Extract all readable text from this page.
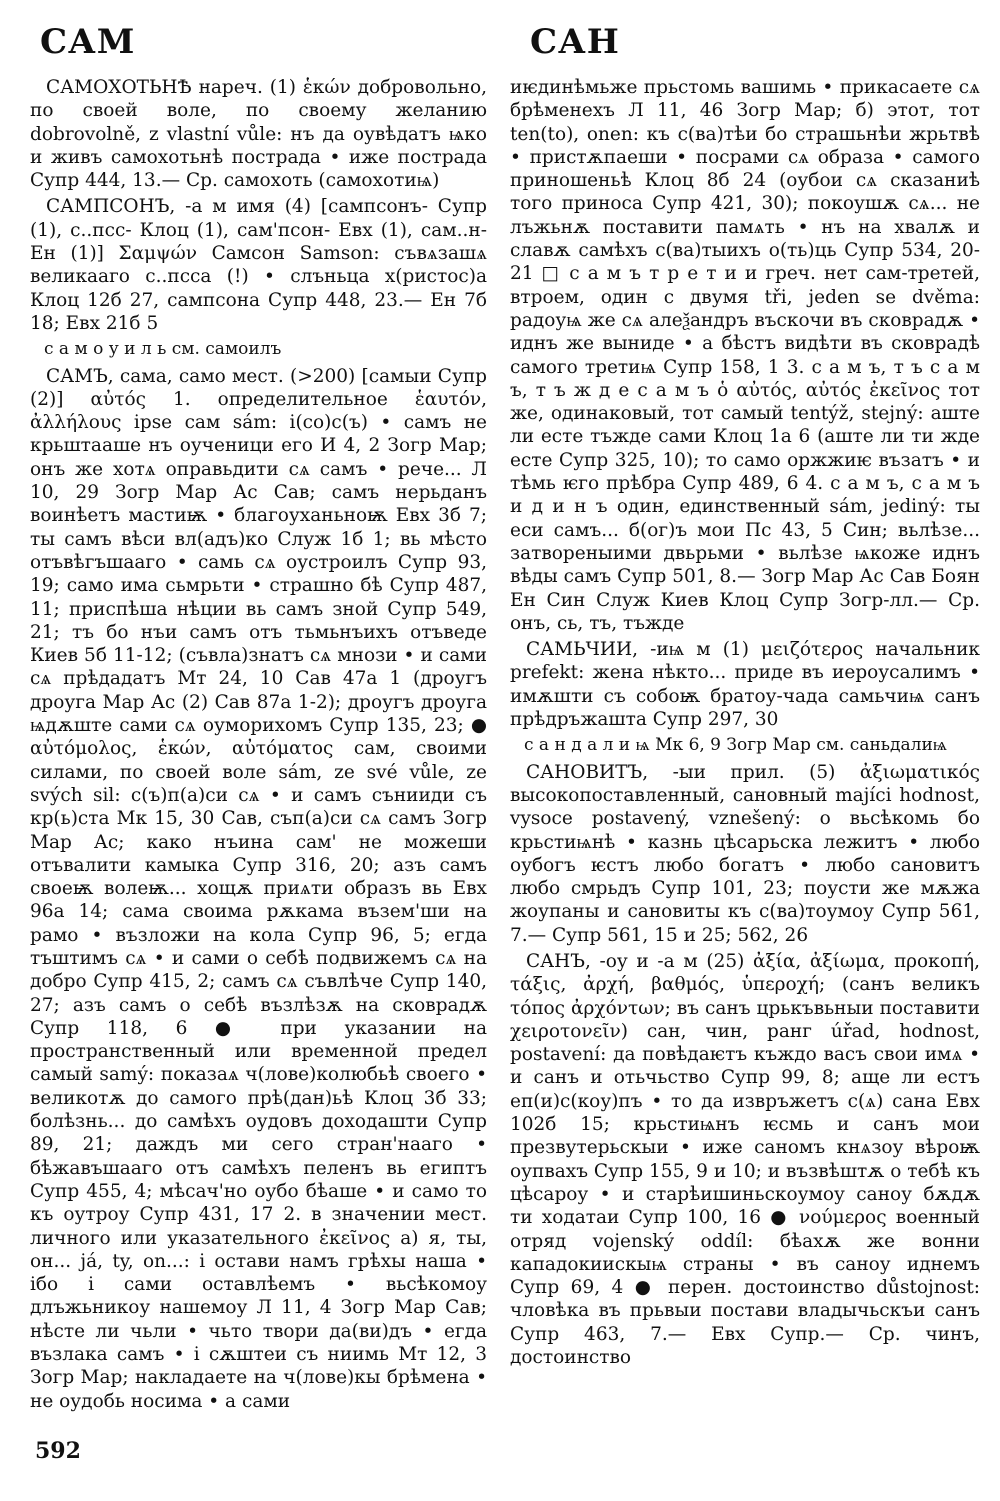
САМ	САН

САМОХОТЬНѢ нареч. (1) ἑκών добровольно, по своей воле, по своему желанию dobrovolně, z vlastní vůle: нъ да оувѣдатъ ѩко и живъ самохотьнѣ пострада • иже пострада Супр 444, 13.— Ср. самохоть (самохотиѩ)

САМПСОНЪ, -а м имя (4) [сампсонъ- Супр (1), с..псс- Клоц (1), сам'псон- Евх (1), сам..н- Ен (1)] Σαμψών Самсон Samson: съвѧзашѧ великааго с..псса (!) • слъньца х(ристос)а Клоц 12б 27, сампсона Супр 448, 23.— Ен 7б 18; Евх 21б 5

с а м о у и л ь см. самоилъ

САМЪ, сама, само мест. (>200) [самыи Супр (2)] αὐτός 1. определительное ἑαυτόν, ἀλλήλους ipse сам sám: і(со)с(ъ) • самъ не крьштааше нъ оученици его И 4, 2 Зогр Мар; онъ же хотѧ оправьдити сѧ самъ • рече... Л 10, 29 Зогр Мар Ас Сав; самъ нерьданъ воинѣетъ мастиѭ • благоуханьноѭ Евх 3б 7; ты самъ вѣси вл(адъ)ко Служ 1б 1; вь мѣсто отъвѣгъшааго • самь сѧ оустроилъ Супр 93, 19; само има сьмрьти • страшно бѣ Супр 487, 11; приспѣша нѣции вь самъ зной Супр 549, 21; тъ бо нъи самъ отъ тьмьнъихъ отъведе Киев 5б 11-12; (съвла)знатъ сѧ мнози • и сами сѧ прѣдадатъ Мт 24, 10 Сав 47а 1 (дроугъ дроуга Мар Ас (2) Сав 87а 1-2); дроугъ дроуга ѩдѫште сами сѧ оуморихомъ Супр 135, 23; ● αὐτόμολος, ἑκών, αὐτόματος сам, своими силами, по своей воле sám, ze své vůle, ze svých sil: с(ъ)п(а)си сѧ • и самъ сънииди съ кр(ь)ста Мк 15, 30 Сав, съп(а)си сѧ самъ Зогр Мар Ас; како нъина сам' не можеши отъвалити камыка Супр 316, 20; азъ самъ своеѭ волеѭ... хощѫ приѧти образъ вь Евх 96а 14; сама своима рѫкама възем'ши на рамо • възложи на кола Супр 96, 5; егда тъштимъ сѧ • и сами о себѣ подвижемъ сѧ на добро Супр 415, 2; самъ сѧ съвлѣче Супр 140, 27; азъ самъ о себѣ възлѣзѫ на сковрадѫ Супр 118, 6 ● при указании на пространственный или временной предел самый samý: показаѧ ч(лове)колюбьѣ своего • великотѫ до самого прѣ(дан)ьѣ Клоц 3б 33; болѣзнь... до самѣхъ оудовъ доходашти Супр 89, 21; даждъ ми сего стран'нааго • бѣжавъшааго отъ самѣхъ пеленъ вь египтъ Супр 455, 4; мѣсач'но оубо бѣаше • и само то къ оутроу Супр 431, 17 2. в значении мест. личного или указательного ἐκεῖνος а) я, ты, он... já, ty, on...: і остави намъ грѣхы наша • ібо і сами оставлѣемъ • вьсѣкомоу длъжьникоу нашемоу Л 11, 4 Зогр Мар Сав; нѣсте ли чьли • чьто твори да(ви)дъ • егда възлака самъ • і сѫштеи съ ниимь Мт 12, 3 Зогр Мар; накладаете на ч(лове)кы брѣмена • не оудобь носима • а сами

иѥдинѣмьже прьстомь вашимь • прикасаете сѧ брѣменехъ Л 11, 46 Зогр Мар; б) этот, тот ten(to), onen: къ с(ва)тѣи бо страшьнѣи жрьтвѣ • пристѫпаеши • посрами сѧ образа • самого приношеньѣ Клоц 8б 24 (оубои сѧ сказаниѣ того приноса Супр 421, 30); покоушѫ сѧ... не лъжьнѫ поставити памѧть • нъ на хвалѫ и славѫ самѣхъ с(ва)тыихъ о(ть)ць Супр 534, 20-21 □ с а м ъ т р е т и и греч. нет сам-третей, втроем, один с двумя tři, jeden se dvěma: радоуѩ же сѧ алеѯандръ въскочи въ сковрадѫ • иднъ же выниде • а бѣстъ видѣти въ сковрадѣ самого третиѩ Супр 158, 1 3. с а м ъ, т ъ с а м ъ, т ъ ж д е с а м ъ ὁ αὐτός, αὐτός ἐκεῖνος тот же, одинаковый, тот самый tentýž, stejný: аште ли есте тъжде сами Клоц 1а 6 (аште ли ти жде есте Супр 325, 10); то само оржжиѥ възатъ • и тѣмь ѥго прѣбра Супр 489, 6 4. с а м ъ, с а м ъ и д и н ъ один, единственный sám, jediný: ты еси самъ... б(ог)ъ мои Пс 43, 5 Син; вьлѣзе... затвореныими двьрьми • вьлѣзе ѩкоже иднъ вѣды самъ Супр 501, 8.— Зогр Мар Ас Сав Боян Ен Син Служ Киев Клоц Супр Зогр-лл.— Ср. онъ, сь, тъ, тъжде

САМЬЧИИ, -иѩ м (1) μειζότερος начальник prefekt: жена нѣкто... приде въ иероусалимъ • имѫшти съ собоѭ братоу-чада самьчиѩ санъ прѣдръжашта Супр 297, 30

с а н д а л и ѩ Мк 6, 9 Зогр Мар см. саньдалиѩ

САНОВИТЪ, -ыи прил. (5) ἀξιωματικός высокопоставленный, сановный majíci hodnost, vysoce postavený, vznešený: о вьсѣкомь бо крьстиѩнѣ • казнь цѣсарьска лежитъ • любо оубогъ ѥстъ любо богатъ • любо сановитъ любо смрьдъ Супр 101, 23; поусти же мѫжа жоупаны и сановиты къ с(ва)тоумоу Супр 561, 7.— Супр 561, 15 и 25; 562, 26

САНЪ, -оу и -а м (25) ἀξία, ἀξίωμα, προκοπή, τάξις, ἀρχή, βαθμός, ὑπεροχή; (санъ великъ τόπος ἀρχόντων; въ санъ црькъвьныи поставити χειροτονεῖν) сан, чин, ранг úřad, hodnost, postavení: да повѣдаѥтъ къждо васъ свои имѧ • и санъ и отьчьство Супр 99, 8; аще ли естъ еп(и)с(коу)пъ • то да извръжетъ с(ѧ) сана Евх 102б 15; крьстиѩнъ ѥсмь и санъ мои презвутерьскыи • иже саномъ кнѧзоу вѣроѭ оупвахъ Супр 155, 9 и 10; и възвѣштѫ о тебѣ къ цѣсароу • и старѣишиньскоумоу саноу бѫдѫ ти ходатаи Супр 100, 16 ● νούμερος военный отряд vojenský oddíl: бѣахѫ же вонни кападокиискыѩ страны • въ саноу иднемъ Супр 69, 4 ● перен. достоинство důstojnost: чловѣка въ прьвыи постави владычьскъи санъ Супр 463, 7.— Евх Супр.— Ср. чинъ, достоинство

592
